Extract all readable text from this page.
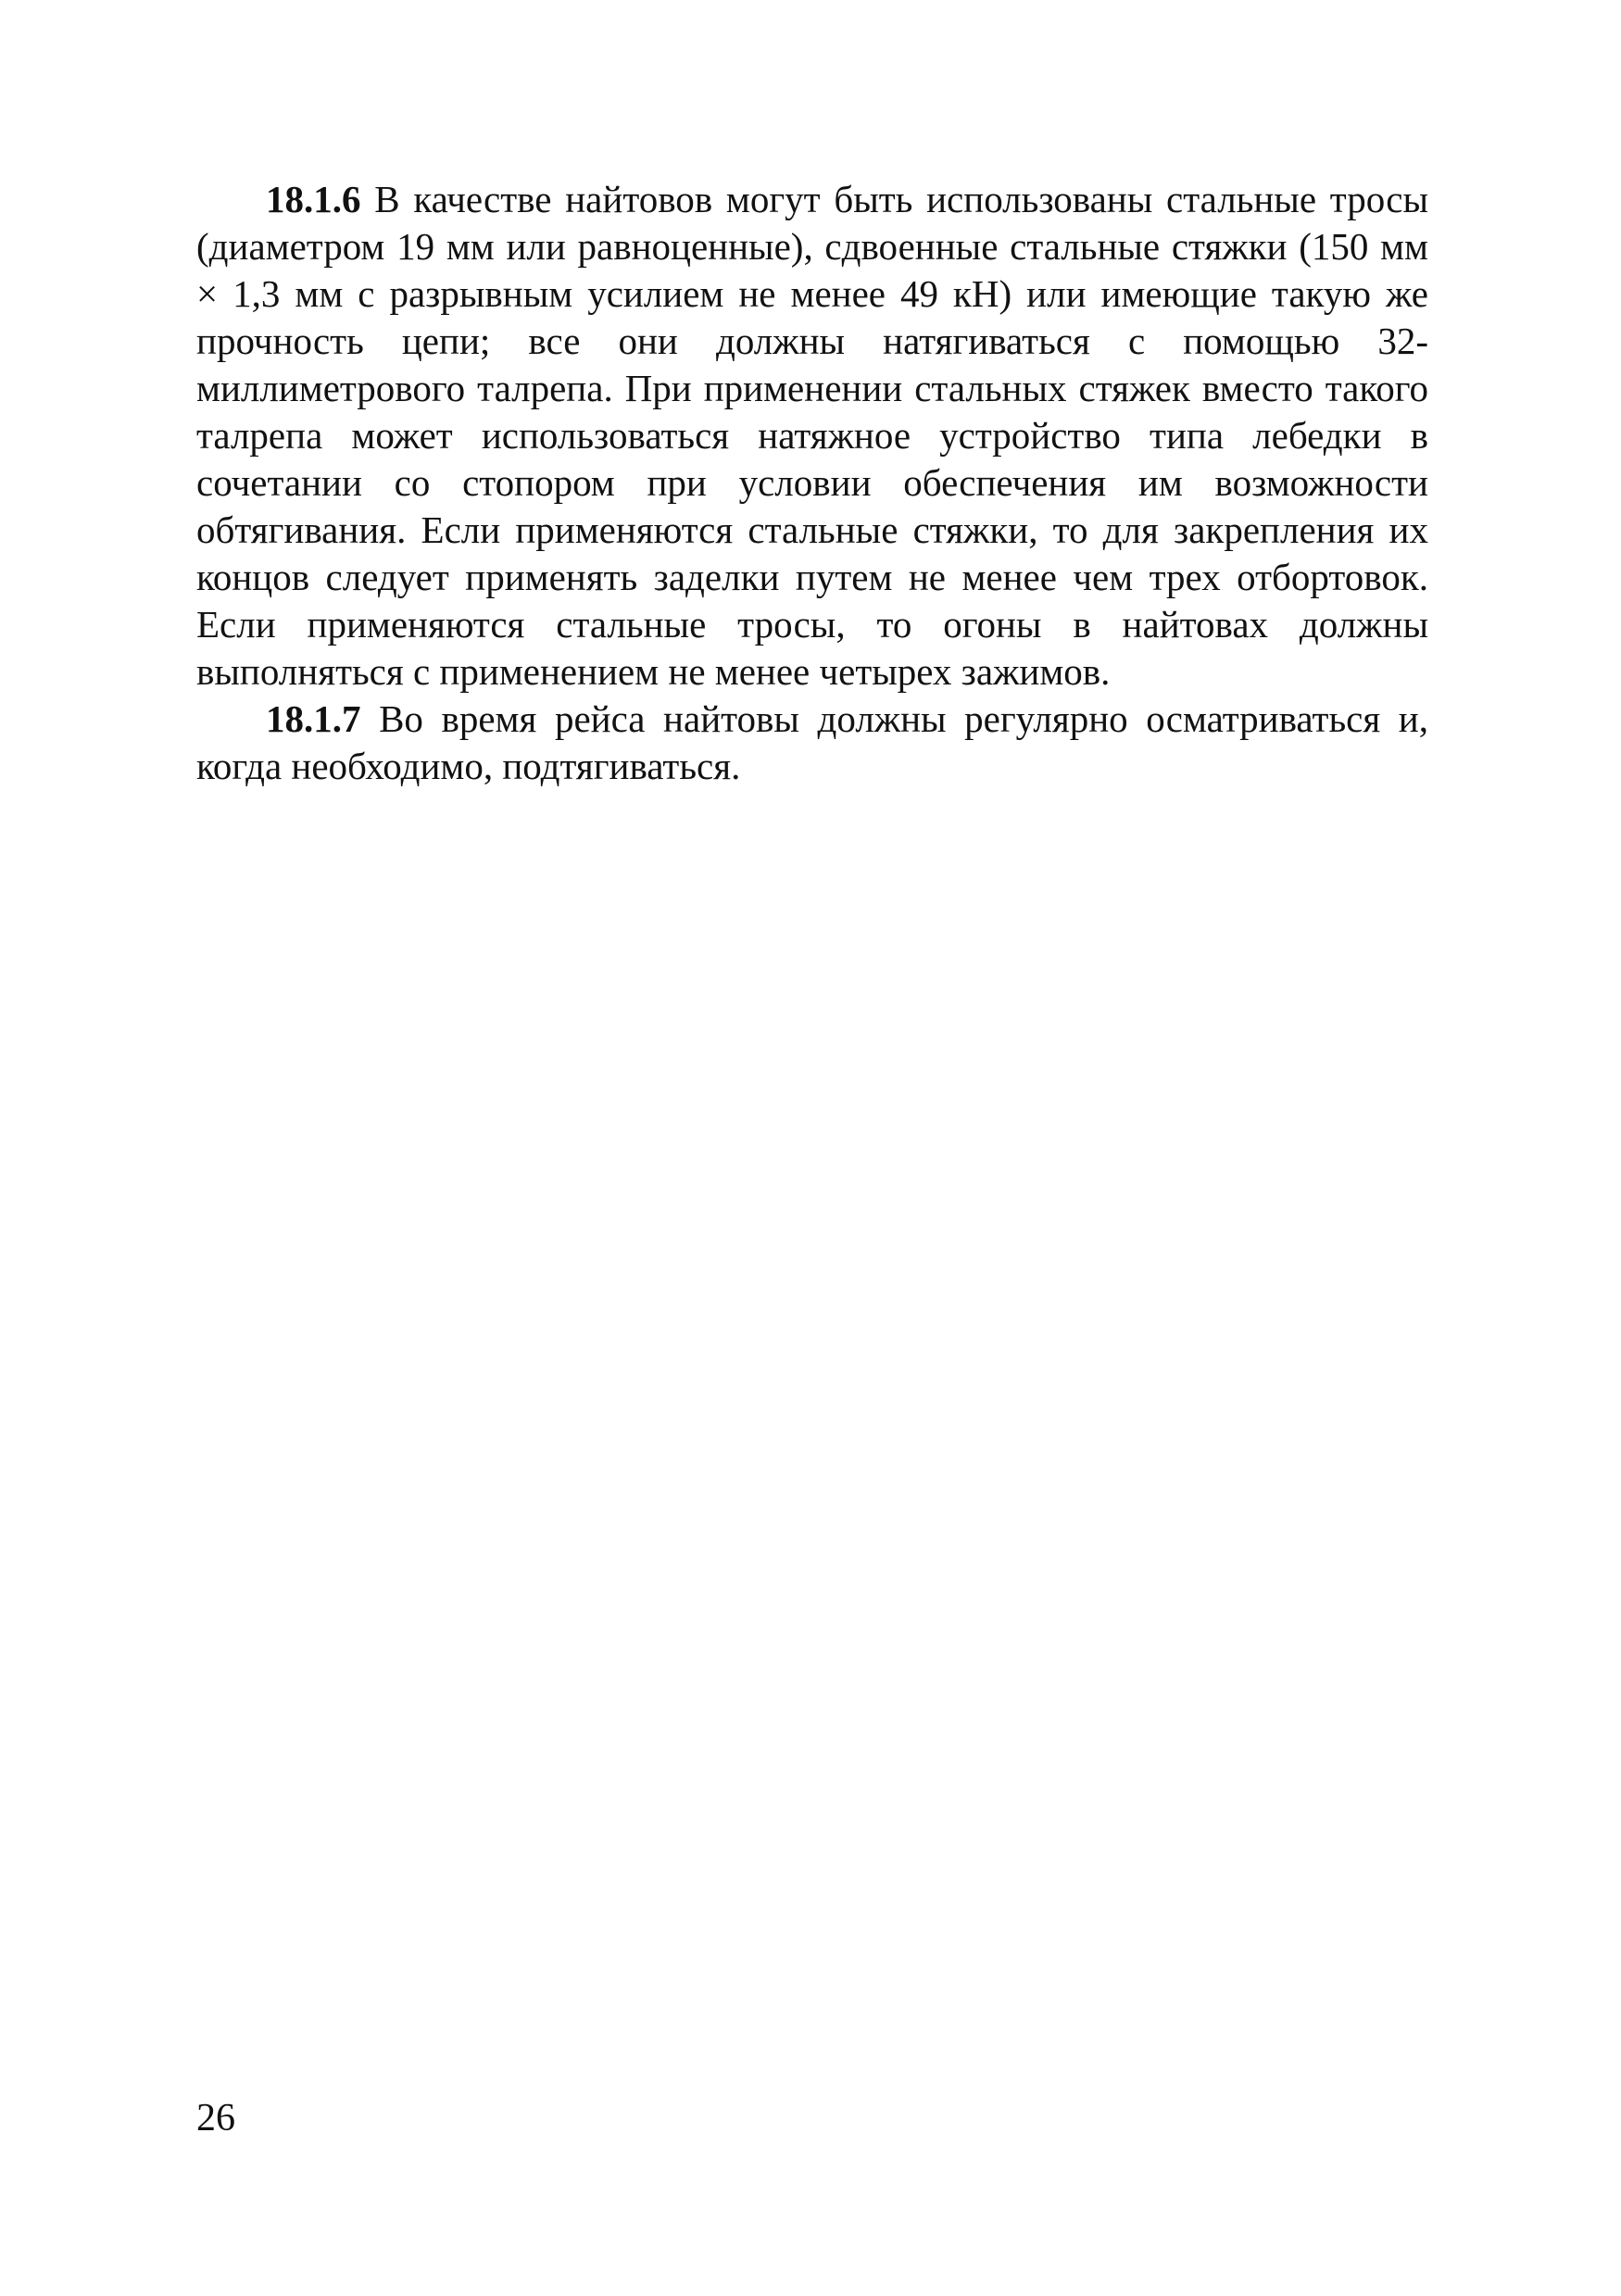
18.1.6 В качестве найтовов могут быть использованы стальные тросы (диаметром 19 мм или равноценные), сдвоенные стальные стяжки (150 мм × 1,3 мм с разрывным усилием не менее 49 кН) или имеющие такую же прочность цепи; все они должны натягиваться с помощью 32-миллиметрового талрепа. При применении стальных стяжек вместо такого талрепа может использоваться натяжное устройство типа лебедки в сочетании со стопором при условии обеспечения им возможности обтягивания. Если применяются стальные стяжки, то для закрепления их концов следует применять заделки путем не менее чем трех отбортовок. Если применяются стальные тросы, то огоны в найтовах должны выполняться с применением не менее четырех зажимов.

18.1.7 Во время рейса найтовы должны регулярно осматриваться и, когда необходимо, подтягиваться.

26
